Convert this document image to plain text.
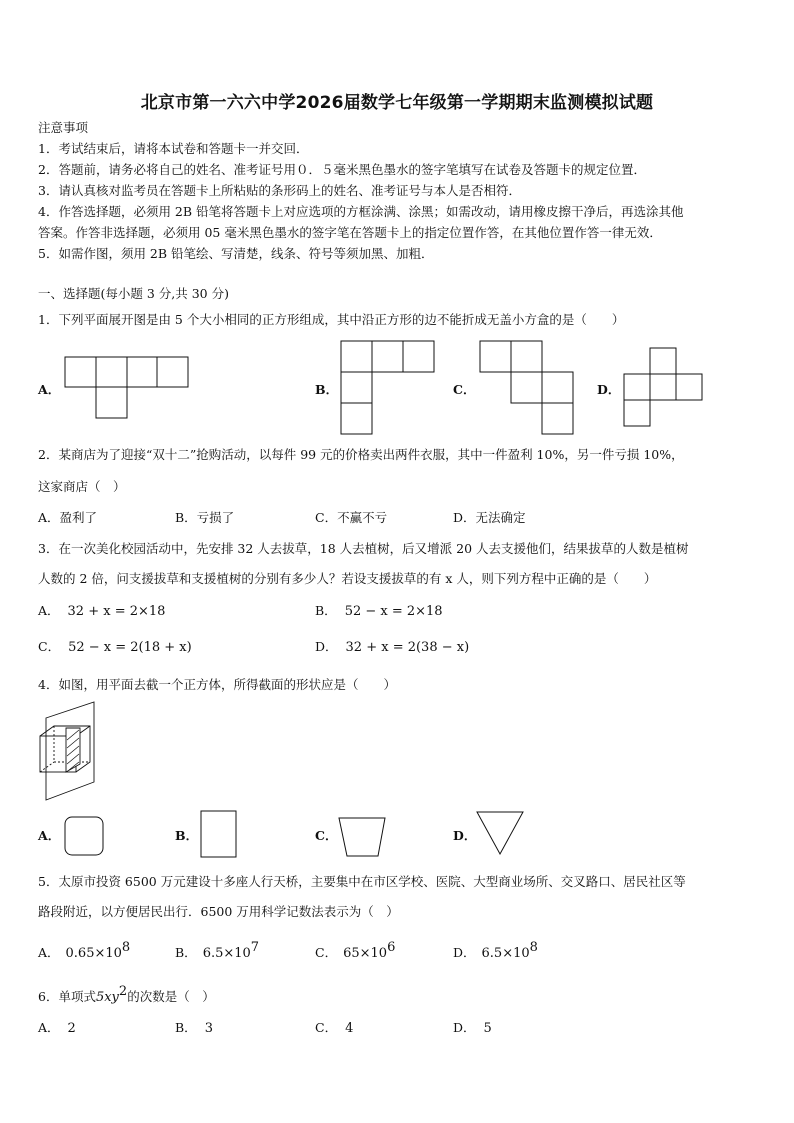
北京市第一六六中学2026届数学七年级第一学期期末监测模拟试题
注意事项
1．考试结束后，请将本试卷和答题卡一并交回．
2．答题前，请务必将自己的姓名、准考证号用０．５毫米黑色墨水的签字笔填写在试卷及答题卡的规定位置．
3．请认真核对监考员在答题卡上所粘贴的条形码上的姓名、准考证号与本人是否相符．
4．作答选择题，必须用 2B 铅笔将答题卡上对应选项的方框涂满、涂黑；如需改动，请用橡皮擦干净后，再选涂其他
答案。作答非选择题，必须用 05 毫米黑色墨水的签字笔在答题卡上的指定位置作答，在其他位置作答一律无效．
5．如需作图，须用 2B 铅笔绘、写清楚，线条、符号等须加黑、加粗．
一、选择题(每小题 3 分,共 30 分)
1．下列平面展开图是由 5 个大小相同的正方形组成，其中沿正方形的边不能折成无盖小方盒的是（　　）
A．	B．	C．	D．
2．某商店为了迎接“双十二”抢购活动，以每件 99 元的价格卖出两件衣服，其中一件盈利 10%，另一件亏损 10%，
这家商店（　）
A．盈利了	B．亏损了	C．不赢不亏	D．无法确定
3．在一次美化校园活动中，先安排 32 人去拔草，18 人去植树，后又增派 20 人去支援他们，结果拔草的人数是植树
人数的 2 倍，问支援拔草和支援植树的分别有多少人？若设支援拔草的有 x 人，则下列方程中正确的是（　　）
A． 32 + x = 2×18	B． 52 − x = 2×18
C． 52 − x = 2(18 + x)	D． 32 + x = 2(38 − x)
4．如图，用平面去截一个正方体，所得截面的形状应是（　　）
A．	B．	C．	D．
5．太原市投资 6500 万元建设十多座人行天桥，主要集中在市区学校、医院、大型商业场所、交叉路口、居民社区等
路段附近，以方便居民出行．6500 万用科学记数法表示为（　）
A． $0.65\times 10^8$	B． $6.5\times 10^7$	C． $65\times 10^6$	D． $6.5\times 10^8$
6．单项式$5xy^2$的次数是（　）
A． 2	B． 3	C． 4	D． 5
